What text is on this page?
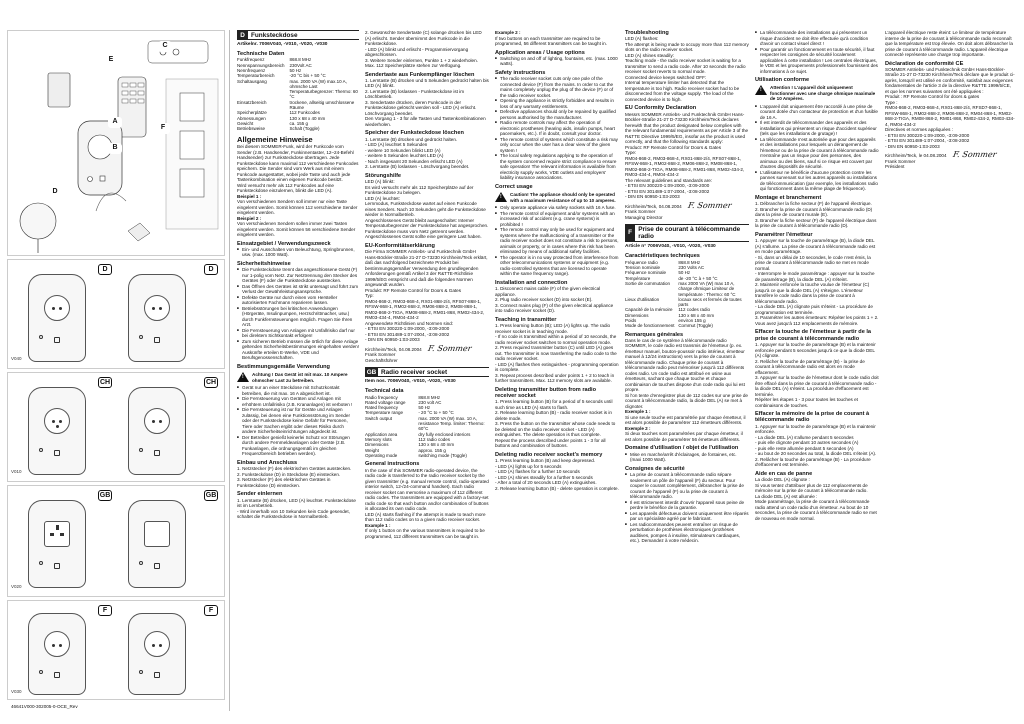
E
C
A
F
B
D
D	D
V040
CH	CH
V010
GB	GB
V020
F	F
V030
D Funksteckdose
Artikelnr. 7006V040, -V010, -V020, -V030
Technische Daten
Funkfrequenz	868.8 MHz
Nennspannungsbereich	230Volt AC
Nennfrequenz	50 Hz
Temperaturbereich	-20 °C bis + 50 °C
Schaltausgang	max. 2000 VA (W) max.10 A, ohmsche Last Temperaturbegrenzer: Thermo: 60 °C
Einsatzbereich	trockene, allseitig umschlossene Räume
Speicherplätze	112 Funkcodes
Abmessungen	130 x 68 x 40 mm
Gewicht	ca. 155 g
Betriebsweise	Schalt (Toggle)
Allgemeine Hinweise

Bei diesem SOMMER-Funk, wird der Funkcode vom Sender (z.B. Handsender, Funkinnentaster, 12–24-Befehl Handsender) zur Funksteckdose übertragen. Jede Funksteckdose kann maximal 112 verschiedene Funkcodes speichern. Die Sender sind vom Werk aus mit einem Funkcode ausgestattet, wobei jede Taste und auch jede Tastenkombination einen eigenen Funkcode besitzt.

Wird versucht mehr als 112 Funkcodes auf eine Funksteckdose einzulernen, blinkt die LED (A).

Beispiel 1 :

Von verschiedenen Sendern soll immer nur eine Taste eingelernt werden. Somit können 112 verschiedene Sender eingelernt werden.

Beispiel 2 :

Von verschiedenen Sendern sollen immer zwei Tasten eingelernt werden. Somit können 56 verschiedene Sender eingelernt werden.

Einsatzgebiet / Verwendungszweck
■ Ein- und Ausschalten von Beleuchtung, Springbrunnen, usw. (max. 1000 Watt).
Sicherheitshinweise
■ Die Funksteckdose trennt das angeschlossene Gerät (F) nur 1-polig vom Netz. Zur Netztrennung den Stecker des Gerätes (F) oder die Funksteckdose ausstecken.
■ Das Öffnen des Gerätes ist strikt untersagt und führt zum Verlust der Gewährleistungsansprüche.
■ Defekte Geräte nur durch einen vom Hersteller autorisierten Fachmann reparieren lassen.
■ Betriebsstörungen bei kritischen Anwendungen (Hörgeräte, Insulinpumpen, Herzschrittmacher, usw.) durch Funkfernsteuerungen möglich. Fragen Sie Ihren Arzt.
■ Die Fernsteuerung von Anlagen mit Unfallrisiko darf nur bei direktem Sichtkontakt erfolgen!
■ Zum sicheren Betrieb müssen die örtlich für diese Anlage geltenden Sicherheitsbestimmungen eingehalten werden! Auskünfte erteilen E-Werke, VDE und Berufsgenossenschaften.
Bestimmungsgemäße Verwendung
! Achtung ! Das Gerät ist mit max. 10 Ampere ohmscher Last zu betreiben.

■ Gerät nur an einer Steckdose mit Schutzkontakt betreiben, die mit max. 16 A abgesichert ist.
■ Die Fernsteuerung von Geräten und Anlagen mit erhöhtem Unfallrisiko (z.B. Krananlagen) ist verboten !
■ Die Fernsteuerung ist nur für Geräte und Anlagen zulässig, bei denen eine Funktionsstörung im Sender oder der Funksteckdose keine Gefahr für Personen, Tiere oder Sachen ergibt oder dieses Risiko durch andere Sicherheitseinrichtungen abgedeckt ist.
■ Der Betreiber genießt keinerlei Schutz vor Störungen durch andere Fernmeldeanlagen oder Geräte (z.B. Funkanlagen, die ordnungsgemäß im gleichen Frequenzbereich betrieben werden).
Einbau und Anschluss

1. Netzstecker (F) des elektrischen Gerätes ausstecken.

2. Funksteckdose (D) in Steckdose (E) einstecken.

3. Netzstecker (F) des elektrischen Gerätes in Funksteckdose (D) einstecken.

Sender einlernen

1. Lerntaste (B) drücken, LED (A) leuchtet. Funksteckdose ist im Lernbetrieb.

- Wird innerhalb von 10 Sekunden kein Code gesendet, schaltet die Funksteckdose in Normalbetrieb.

2. Gewünschte Sendertaste (C) solange drücken bis LED (A) erlischt. Sender übernimmt den Funkcode in die Funksteckdose.

- LED (A) blinkt und erlischt - Programmiervorgang abgeschlossen.

3. Weitere Sender einlernen, Punkte 1 + 2 wiederholen. Max. 112 Speicherplätze stehen zur Verfügung.

Sendertaste aus Funkempfänger löschen

1. Lerntaste (B) drücken und 5 Sekunden gedrückt halten bis LED (A) blinkt.

2. Lerntaste (B) loslassen - Funksteckdose ist im Löschbetrieb.

3. Sendertaste drücken, deren Funkcode in der Funksteckdose gelöscht werden soll - LED (A) erlischt. Löschvorgang beendet.

Den Vorgang 1 - 3 für alle Tasten und Tastenkombinationen wiederholen.

Speicher der Funksteckdose löschen

1. Lerntaste (B) drücken und gedrückt halten.

- LED (A) leuchtet 5 Sekunden

- weitere 10 Sekunden blinkt LED (A)

- weitere 5 Sekunden leuchtet LED (A)

- Nach insgesamt 20 Sekunden erlischt LED (A)

2. Lerntaste (B) loslassen - Löschvorgang beendet.

Störungshilfe

LED (A) blinkt:

Es wird versucht mehr als 112 Speicherplätze auf der Funksteckdose zu belegen.

LED (A) leuchtet:

Lernmodus, Funksteckdose wartet auf einen Funkcode eines Senders. Nach 10 Sekunden geht die Funksteckdose wieder in Normalbetrieb.

Angeschlossenes Gerät bleibt ausgeschaltet: Interner Temperaturbegrenzer der Funksteckdose hat angesprochen. Funksteckdose muss vom Netz getrennt werden. Angeschlossenes Gerät sollte eine geringere Last haben.

EU-Konformitätserklärung

Die Firma SOMMER Antriebs- und Funktechnik GmbH Hans-Böckler-Straße 21-27 D-73230 Kirchheim/Teck erklärt, daß das nachfolgend bezeichnete Produkt bei bestimmungsgemäßer Verwendung den grundlegenden Anforderungen gemäß Artikel 3 der R&TTE-Richtlinie 1999/5/EG entspricht und daß die folgenden Normen angewandt wurden.

Produkt: RF Remote Control for Doors & Gates

Typ:

RM04-868-2, RM03-868-4, RX01-868-2/4, RFS07-868-1, RFSW-868-1, RM02-868-2, RM06-868-2, RM08-868-1, RM02-868-2-TIGA, RM08-868-2, RM01-868, RM02-434-2, RM03-434-4, RM04-434-2

Angewendete Richtlinien und Normen sind:

- ETSI EN 300220-1:09-2000, -3:09-2000

- ETSI EN 301489-1:07-2004, -3:08-2002

- DIN EN 60950-1:03-2003

Kirchheim/Teck, 04.08.2004 F. Sommer

Frank Sommer

Geschäftsführer

GB Radio receiver socket
Item nos. 7006V040, -V010, -V020, -V030
Technical data
Radio frequency	868.8 MHz
Rated voltage range	230 volt AC
Rated frequency	50 Hz
Temperature range	- 20 °C to + 50 °C
Switch output	max. 2000 VA (W) max. 10 A, resistance Temp. limiter: Thermo: 60°C
Application area	dry fully enclosed interiors
Memory slots	112 radio codes
Dimensions	130 x 68 x 40 mm
Weight	approx. 155 g
Operating mode	switching mode (Toggle)
General instructions

In the case of this SOMMER radio-operated device, the radio code is transferred to the radio receiver socket by the given transmitter (e.g. manual remote control, radio-operated interior switch, 12-/24-command handset). Each radio receiver socket can memorise a maximum of 112 different radio codes. The transmitters are equipped with a factory-set radio code so that each button and/or combination of buttons is allocated its own radio code.

LED (A) starts flashing if the attempt is made to teach more than 112 radio codes on to a given radio receiver socket.

Example 1 :

If only 1 button on the various transmitters is required to be programmed, 112 different transmitters can be taught in.

Example 2 :

If two buttons on each transmitter are required to be programmed, 56 different transmitters can be taught in.

Application areas / Usage options
■ Switching on and off of lighting, fountains, etc. (max. 1000 watts).
Safety instructions
■ The radio receiver socket cuts only one pole of the connected device (F) from the mains. In order to cut the mains completely unplug the plug of the device (F) or of the radio receiver socket.
■ Opening the appliance is strictly forbidden and results in loss of any warranty entitlements.
■ Defective appliances should only be repaired by qualified persons authorised by the manufacturer.
■ Radio remote controls may affect the operation of electronic prostheses (hearing aids, insulin pumps, heart pacemakers, etc.). If in doubt, consult your doctor.
■ The remote control of systems which constitute a risk may only occur when the user has a clear view of the given system !
■ The local safety regulations applying to the operation of the system concerned require strict compliance to ensure safe operation! The relevant information is available from electricity supply works, VDE outlets and employers' liability insurance associations.
Correct usage
! Caution! The appliance should only be operated with a maximum resistance of up to 10 amperes.

■ Only operate appliance via safety sockets with 16 A fuse.
■ The remote control of equipment and/or systems with an increased risk of accident (e.g. crane systems) is prohibited !
■ The remote control may only be used for equipment and systems where the malfunctioning of a transmitter or the radio receiver socket does not constitute a risk to persons, animals or property, or in cases where this risk has been eliminated by means of additional safety facilities.
■ The operator is in no way protected from interference from other telecommunications systems or equipment (e.g. radio-controlled systems that are licensed to operate within the same frequency range).
Installation and connection

1. Disconnect mains cable (F) of the given electrical appliance.

2. Plug radio receiver socket (D) into socket (E).

3. Connect mains plug (F) of the given electrical appliance into radio receiver socket (D).

Teaching in transmitter

1. Press learning button (B); LED (A) lights up. The radio receiver socket is in teaching mode.

- If no code is transmitted within a period of 10 seconds, the radio receiver socket switches to normal operation mode.

2. Press required transmitter button (C) until LED (A) goes out. The transmitter is now transferring the radio code to the radio receiver socket.

- LED (A) flashes then extinguishes - programming operation is complete.

3. Repeat process described under points 1 + 2 to teach in further transmitters. Max. 112 memory slots are available.

Deleting transmitter button from radio receiver socket

1. Press learning button (B) for a period of 5 seconds until such time as LED (A) starts to flash.

2. Release learning button (B) - radio receiver socket is in delete mode.

3. Press the button on the transmitter whose code needs to be deleted on the radio receiver socket - LED (A) extinguishes. The delete operation is thus complete.

Repeat the process described under points 1 - 3 for all buttons and combination of buttons.

Deleting radio receiver socket's memory

1. Press learning button (B) and keep depressed.

- LED (A) lights up for 5 seconds

- LED (A) flashes for a further 10 seconds

- LED (A) shines steadily for a further 5 seconds

- After a total of 20 seconds LED (A) extinguishes.

2. Release learning button (B) - delete operation is complete.

Troubleshooting

LED (A) flashes:

The attempt is being made to occupy more than 112 memory slots on the radio receiver socket.

LED (A) shines steadily:

Teaching mode - the radio receiver socket is waiting for a transmitter to send a radio code. After 10 seconds the radio receiver socket reverts to normal mode.

Connected device keeps switched OFF:

Internal temperature limiter has detected that the temperature is too high. Radio receiver socket had to be disconnected from the voltage supply. The load of the connected device is to high.

EU Conformity Declaration

Messrs SOMMER Antriebs- und Funktechnik GmbH Hans-Böckler-Straße 21-27 D-73230 Kirchheim/Teck declares herewith that the product designated below complies with the relevant fundamental requirements as per Article 3 of the R&TTE Directive 1999/5/EG, insofar as the product is used correctly, and that the following standards apply:

Product: RF Remote Control for Doors & Gates

Type:

RM04-868-2, RM03-868-4, RX01-868-2/4, RFS07-868-1, RFSW-868-1, RM02-868-2, RM06-868-2, RM08-868-1, RM02-868-2-TIGA, RM08-868-2, RM01-868, RM02-434-2, RM03-434-4, RM04-434-2

The relevant guidelines and standards are:

- ETSI EN 300220-1:09-2000, -3:09-2000

- ETSI EN 301489-1:07-2004, -3:08-2002

- DIN EN 60950-1:03-2003

Kirchheim/Teck, 04.08.2004 F. Sommer

Frank Sommer

Managing Director

F Prise de courant à télécommande radio
Article n° 7006V040, -V010, -V020, -V030
Caractéristiques techniques
Fréquence radio	868.8 MHz
Tension nominale	230 Volts AC
Fréquence nominale	50 Hz
Température	de -20 °C à + 50 °C
Sortie de commutation	max 2000 VA (W) max 10 A, charge ohmique Limiteur de température : Thermo: 60 °C
Lieux d'utilisation	locaux secs et fermés de toutes parts
Capacité de la mémoire	112 codes radio
Dimensions	130 x 68 x 40 mm
Poids	environ 155 g
Mode de fonctionnement	Commut (Toggle)
Remarques générales

Dans le cas de ce système à télécommande radio SOMMER, le code radio est transmis de l'émetteur (p. ex. émetteur manuel, bouton-poussoir radio intérieur, émetteur manuel à 12/24 instructions) vers la prise de courant à télécommande radio. Chaque prise de courant à télécommande radio peut mémoriser jusqu'à 112 différents codes radio. Un code radio est attribué en usine aux émetteurs, sachant que chaque touche et chaque combinaison de touches dispose d'un code radio qui lui est propre.

Si l'on tente d'enregistrer plus de 112 codes sur une prise de courant à télécommande radio, la diode DEL (A) se met à clignoter.

Exemple 1 :

Si une seule touche est paramétrée par chaque émetteur, il est alors possible de paramétrer 112 émetteurs différents.

Exemple 2 :

Si deux touches sont paramétrées par chaque émetteur, il est alors possible de paramétrer 56 émetteurs différents.

Domaine d'utilisation / objet de l'utilisation
■ Mise en marche/arrêt d'éclairages, de fontaines, etc. (maxi 1000 Watt).
Consignes de sécurité
■ La prise de courant à télécommande radio sépare seulement un pôle de l'appareil (F) du secteur. Pour couper le courant complètement, débrancher la prise de courant de l'appareil (F) ou la prise de courant à télécommande radio.
■ Il est strictement interdit d'ouvrir l'appareil sous peine de perdre le bénéfice de la garantie.
■ Les appareils défectueux doivent uniquement être réparés par un spécialiste agréé par le fabricant.
■ Les radiocommandes peuvent entraîner un risque de perturbation de prothèses électroniques (prothèses auditives, pompes à insuline, stimulateurs cardiaques, etc.). Demandez à votre médecin.
■ La télécommande des installations qui présentent un risque d'accident ne doit être effectuée qu'à condition d'avoir un contact visuel direct !
■ Pour garantir un fonctionnement en toute sécurité, il faut respecter les consignes de sécurité localement applicables à cette installation ! Les centrales électriques, le VDE et les groupements professionnels fournissent des informations à ce sujet.
Utilisation conforme
! Attention ! L'appareil doit uniquement fonctionner avec une charge ohmique maximale de 10 Ampères.

■ L'appareil doit uniquement être raccordé à une prise de courant dotée d'un contacteur de protection et d'un fusible de 16 A.
■ Il est interdit de télécommander des appareils et des installations qui présentent un risque d'accident supérieur (tels que les installations de grutage) !
■ La télécommande n'est autorisée que pour des appareils et des installations pour lesquels un dérangement de l'émetteur ou de la prise de courant à télécommande radio n'entraîne pas un risque pour des personnes, des animaux ou des biens, sauf si ce risque est couvert par d'autres dispositifs de sécurité.
■ L'utilisateur ne bénéficie d'aucune protection contre les pannes survenant sur les autres appareils ou installations de télécommunication (par exemple, les installations radio qui fonctionnent dans la même plage de fréquence).
Montage et branchement

1. Débrancher la fiche secteur (F) de l'appareil électrique.

2. Brancher la prise de courant à télécommande radio (D) dans la prise de courant murale (E).

3. Brancher la fiche secteur (F) de l'appareil électrique dans la prise de courant à télécommande radio (D).

Paramétrer l'émetteur

1. Appuyer sur la touche de paramétrage (B), la diode DEL (A) s'allume. La prise de courant à télécommande radio est en mode paramétrage.

- Si, dans un délai de 10 secondes, le code n'est émis, la prise de courant à télécommande radio se met en mode normal.

- Interrompre le mode paramétrage : appuyer sur la touche de paramétrage (B), la diode DEL (A) s'éteint.

2. Maintenir enfoncée la touche voulue de l'émetteur (C) jusqu'à ce que la diode DEL (A) s'éteigne. L'émetteur transfère le code radio dans la prise de courant à télécommande radio.

- La diode DEL (A) clignote puis s'éteint - La procédure de programmation est terminée.

3. Paramétrer les autres émetteurs: Répéter les points 1 + 2. Vous avez jusqu'à 112 emplacements de mémoire.

Effacer la touche de l'émetteur à partir de la prise de courant à télécommande radio

1. Appuyer sur la touche de paramétrage (B) et la maintenir enfoncée pendant 5 secondes jusqu'à ce que la diode DEL (A) clignote.

2. Relâcher la touche de paramétrage (B) - la prise de courant à télécommande radio est alors en mode effacement.

3. Appuyer sur la touche de l'émetteur dont le code radio doit être effacé dans la prise de courant à télécommande radio - la diode DEL (A) s'éteint. La procédure d'effacement est terminée.

Répéter les étapes 1 - 3 pour toutes les touches et combinaisons de touches.

Effacer la mémoire de la prise de courant à télécommande radio

1. Appuyer sur la touche de paramétrage (B) et la maintenir enfoncée.

- La diode DEL (A) s'allume pendant 5 secondes

- puis elle clignote pendant 10 autres secondes (A)

- puis elle reste allumée pendant 5 secondes (A)

- au bout de 20 secondes au total, la diode DEL s'éteint (A).

2. Relâcher la touche de paramétrage (B) - La procédure d'effacement est terminée.

Aide en cas de panne

La diode DEL (A) clignote :

Si vous tentez d'attribuer plus de 112 emplacements de mémoire sur la prise de courant à télécommande radio.

La diode DEL (A) est allumée :

Mode paramétrage, la prise de courant à télécommande radio attend un code radio d'un émetteur. Au bout de 10 secondes, la prise de courant à télécommande radio se met de nouveau en mode normal.

L'appareil électrique reste éteint: Le limiteur de température interne de la prise de courant à télécommande radio reconnaît que la température est trop élevée. On doit alors débrancher la prise de courant à télécommande radio. L'appareil électrique connecté représente une charge trop importante.

Déclaration de conformité CE

SOMMER Antriebs- und Funktechnik GmbH Hans-Böckler-Straße 21-27 D-73230 Kirchheim/Teck déclare que le produit ci-après, lorsqu'il est utilisé en conformité, satisfait aux exigences fondamentales de l'article 3 de la directive R&TTE 1999/5/CE, et que les normes suivantes ont été appliquées :

Produit : RF Remote Control for doors & gates

Type :

RM04-868-2, RM03-868-4, RX01-868-2/4, RFSD7-868-1, RFSW-868-1, RM02-868-2, RM06-868-2, RM04-868-1, RM02-868-2-TIGA, RM08-868-2, RM01-868, RM02-434-2, RM03-434-4, RM04-434-2

Directives et normes appliquées :

- ETSI EN 300220-1:09-2000, -3:09-2000

- ETSI EN 301489-1:07-2004, -3:08-2002

- DIN EN 60950-1:03-2003

Kirchheim/Teck, le 04.08.2004 F. Sommer

Frank Sommer

Président

46641V000-302005-0-OCE_Rev
